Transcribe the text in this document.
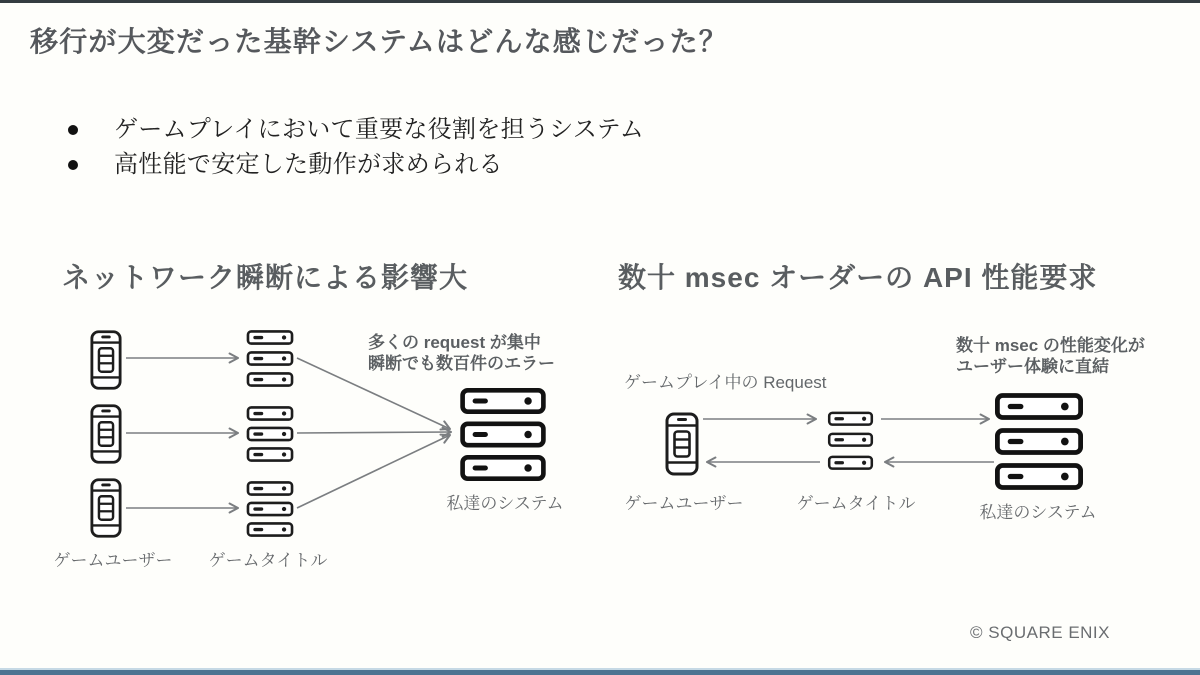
移行が大変だった基幹システムはどんな感じだった？
ゲームプレイにおいて重要な役割を担うシステム
高性能で安定した動作が求められる
ネットワーク瞬断による影響大	数十 msec オーダーの API 性能要求
多くの request が集中
瞬断でも数百件のエラー
数十 msec の性能変化が
ユーザー体験に直結
ゲームプレイ中の Request
ゲームユーザー ゲームタイトル
私達のシステム	ゲームユーザー	ゲームタイトル	私達のシステム
© SQUARE ENIX
